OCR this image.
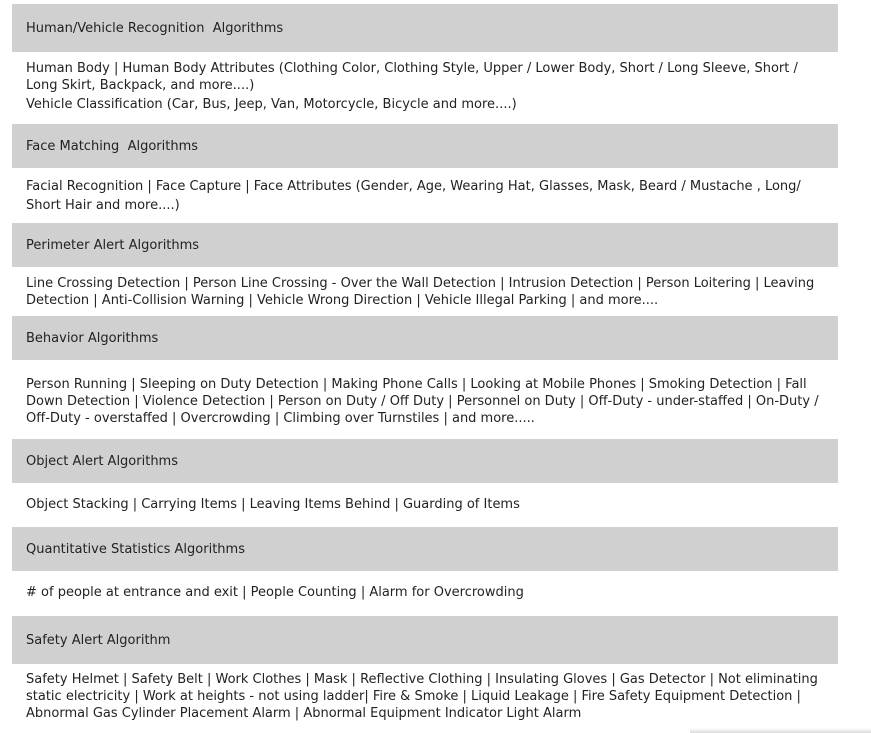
Human/Vehicle Recognition  Algorithms

Human Body | Human Body Attributes (Clothing Color, Clothing Style, Upper / Lower Body, Short / Long Sleeve, Short / Long Skirt, Backpack, and more....)

Vehicle Classification (Car, Bus, Jeep, Van, Motorcycle, Bicycle and more....)

Face Matching  Algorithms

Facial Recognition | Face Capture | Face Attributes (Gender, Age, Wearing Hat, Glasses, Mask, Beard / Mustache , Long/ Short Hair and more....)

Perimeter Alert Algorithms

Line Crossing Detection | Person Line Crossing - Over the Wall Detection | Intrusion Detection | Person Loitering | Leaving Detection | Anti-Collision Warning | Vehicle Wrong Direction | Vehicle Illegal Parking | and more....

Behavior Algorithms

Person Running | Sleeping on Duty Detection | Making Phone Calls | Looking at Mobile Phones | Smoking Detection | Fall Down Detection | Violence Detection | Person on Duty / Off Duty | Personnel on Duty | Off-Duty - under-staffed | On-Duty / Off-Duty - overstaffed | Overcrowding | Climbing over Turnstiles | and more.....

Object Alert Algorithms

Object Stacking | Carrying Items | Leaving Items Behind | Guarding of Items

Quantitative Statistics Algorithms

# of people at entrance and exit | People Counting | Alarm for Overcrowding

Safety Alert Algorithm

Safety Helmet | Safety Belt | Work Clothes | Mask | Reflective Clothing | Insulating Gloves | Gas Detector | Not eliminating static electricity | Work at heights - not using ladder| Fire & Smoke | Liquid Leakage | Fire Safety Equipment Detection | Abnormal Gas Cylinder Placement Alarm | Abnormal Equipment Indicator Light Alarm
